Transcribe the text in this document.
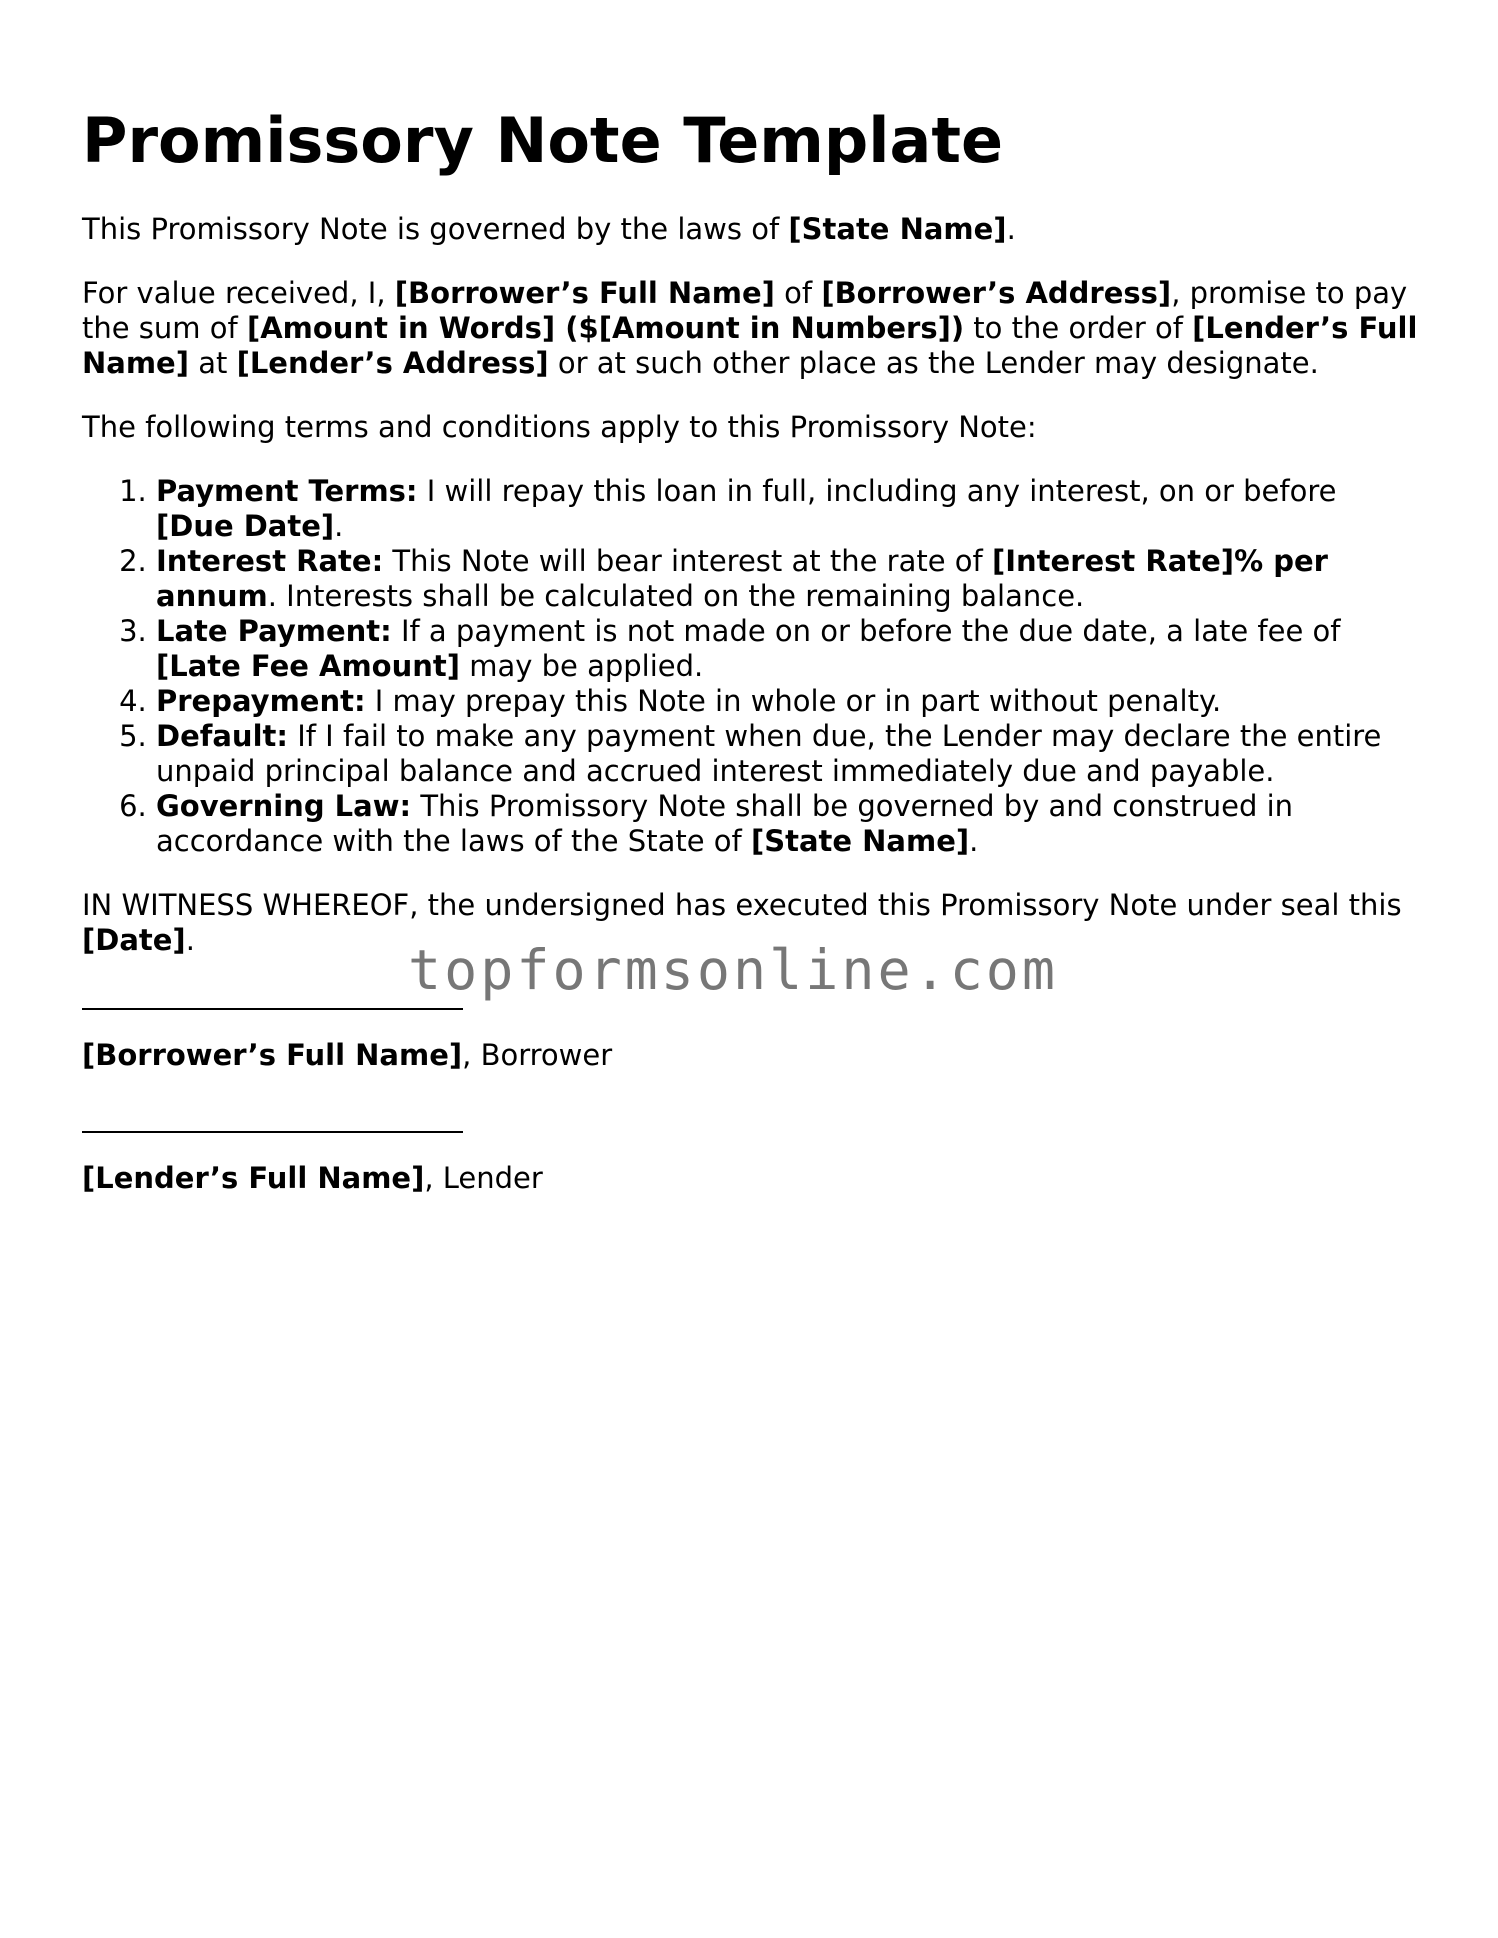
Promissory Note Template

This Promissory Note is governed by the laws of [State Name].

For value received, I, [Borrower’s Full Name] of [Borrower’s Address], promise to pay the sum of [Amount in Words] ($[Amount in Numbers]) to the order of [Lender’s Full Name] at [Lender’s Address] or at such other place as the Lender may designate.

The following terms and conditions apply to this Promissory Note:

1. Payment Terms: I will repay this loan in full, including any interest, on or before [Due Date].
2. Interest Rate: This Note will bear interest at the rate of [Interest Rate]% per annum. Interests shall be calculated on the remaining balance.
3. Late Payment: If a payment is not made on or before the due date, a late fee of [Late Fee Amount] may be applied.
4. Prepayment: I may prepay this Note in whole or in part without penalty.
5. Default: If I fail to make any payment when due, the Lender may declare the entire unpaid principal balance and accrued interest immediately due and payable.
6. Governing Law: This Promissory Note shall be governed by and construed in accordance with the laws of the State of [State Name].

IN WITNESS WHEREOF, the undersigned has executed this Promissory Note under seal this [Date].

[Borrower’s Full Name], Borrower

[Lender’s Full Name], Lender

topformsonline.com
